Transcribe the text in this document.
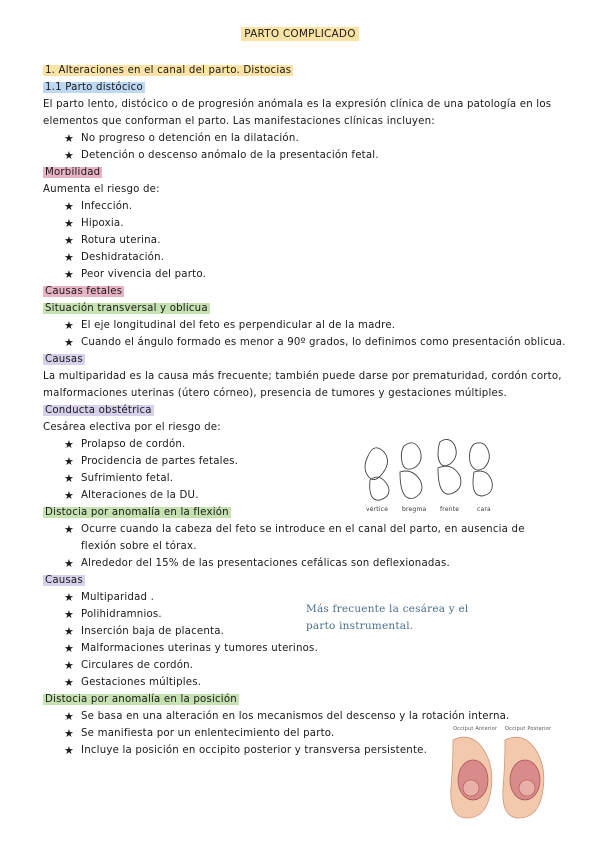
PARTO COMPLICADO
1. Alteraciones en el canal del parto. Distocias
1.1 Parto distócico
El parto lento, distócico o de progresión anómala es la expresión clínica de una patología en los elementos que conforman el parto. Las manifestaciones clínicas incluyen:
★ No progreso o detención en la dilatación.
★ Detención o descenso anómalo de la presentación fetal.
Morbilidad
Aumenta el riesgo de:
★ Infección.
★ Hipoxia.
★ Rotura uterina.
★ Deshidratación.
★ Peor vivencia del parto.
Causas fetales
Situación transversal y oblicua
★ El eje longitudinal del feto es perpendicular al de la madre.
★ Cuando el ángulo formado es menor a 90º grados, lo definimos como presentación oblicua.
Causas
La multiparidad es la causa más frecuente; también puede darse por prematuridad, cordón corto, malformaciones uterinas (útero córneo), presencia de tumores y gestaciones múltiples.
Conducta obstétrica
Cesárea electiva por el riesgo de:
★ Prolapso de cordón.
★ Procidencia de partes fetales.
★ Sufrimiento fetal.
★ Alteraciones de la DU.
Distocia por anomalía en la flexión
★ Ocurre cuando la cabeza del feto se introduce en el canal del parto, en ausencia de flexión sobre el tórax.
★ Alrededor del 15% de las presentaciones cefálicas son deflexionadas.
Causas
★ Multiparidad .
★ Polihidramnios.
★ Inserción baja de placenta.
★ Malformaciones uterinas y tumores uterinos.
★ Circulares de cordón.
★ Gestaciones múltiples.
Distocia por anomalía en la posición
★ Se basa en una alteración en los mecanismos del descenso y la rotación interna.
★ Se manifiesta por un enlentecimiento del parto.
★ Incluye la posición en occipito posterior y transversa persistente.
vértice bregma frente	cara
Más frecuente la cesárea y el parto instrumental.
Occiput Anterior Occiput Posterior
